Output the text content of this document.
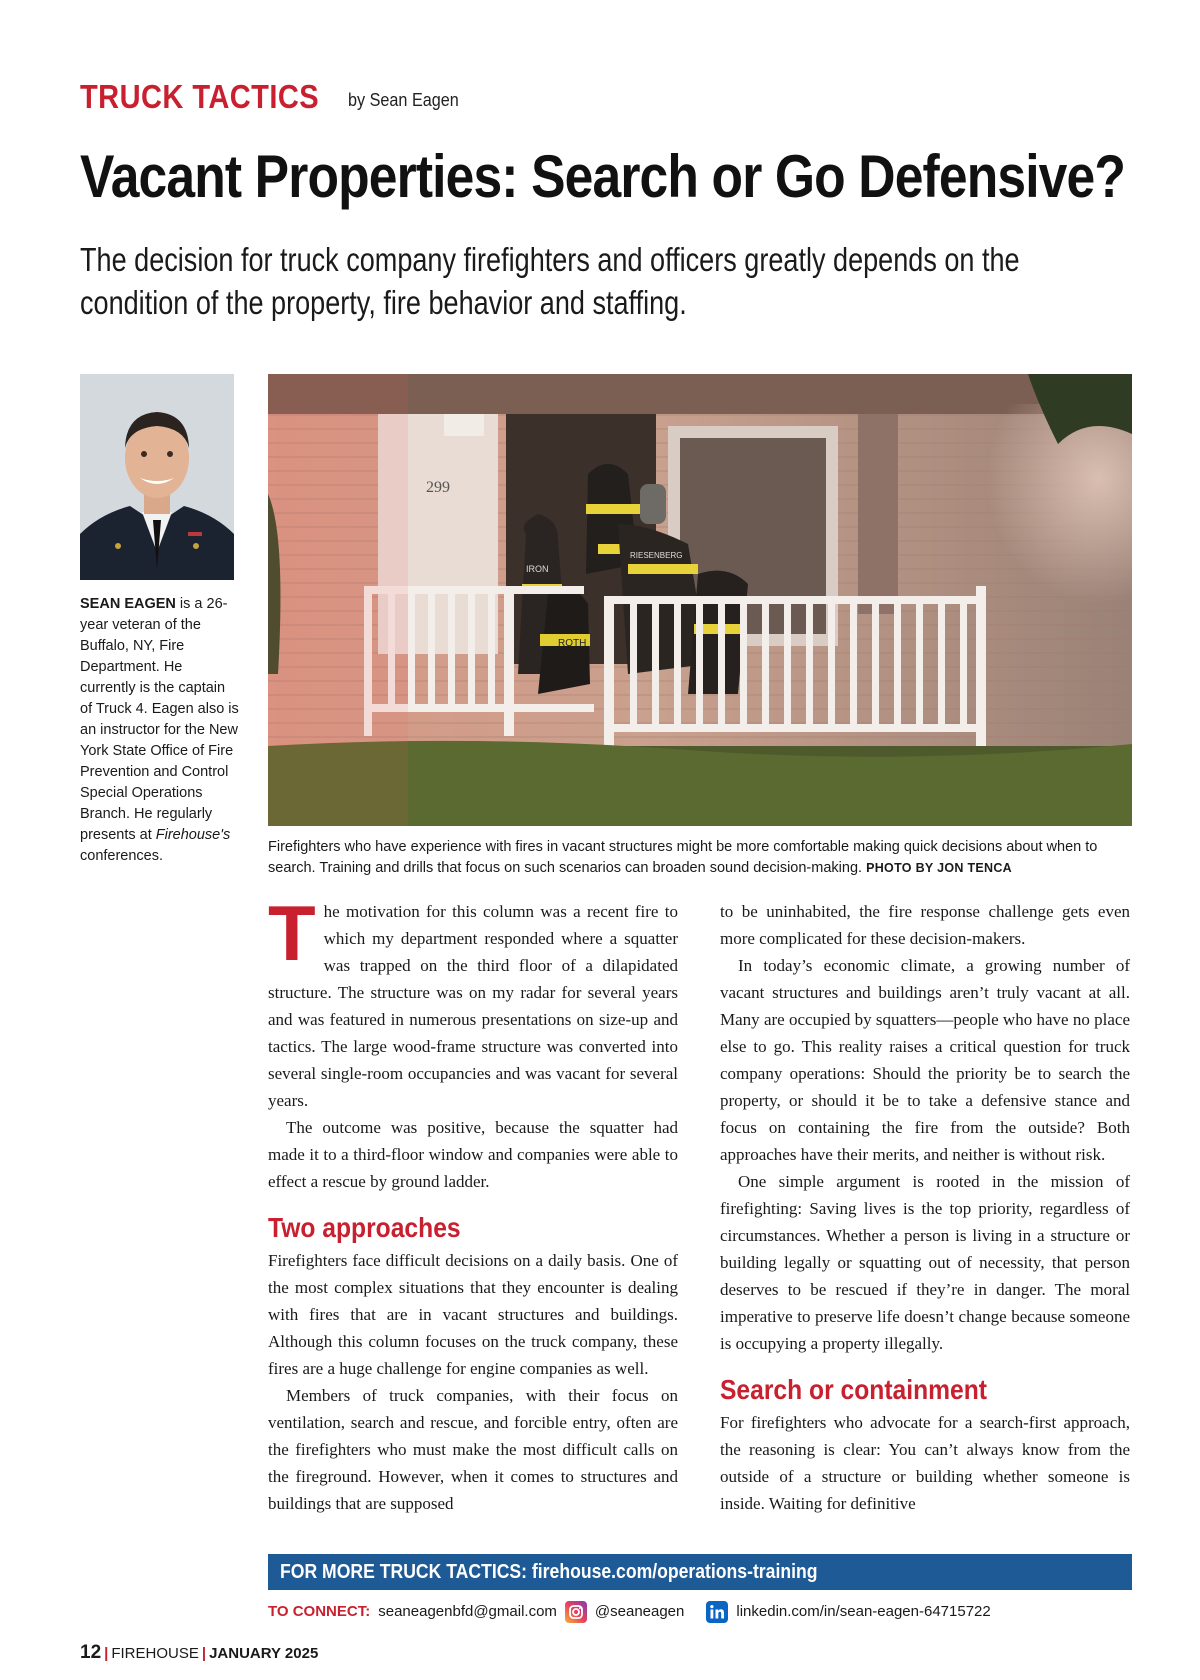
TRUCK TACTICS by Sean Eagen
Vacant Properties: Search or Go Defensive?
The decision for truck company firefighters and officers greatly depends on the condition of the property, fire behavior and staffing.
SEAN EAGEN is a 26-year veteran of the Buffalo, NY, Fire Department. He currently is the captain of Truck 4. Eagen also is an instructor for the New York State Office of Fire Prevention and Control Special Operations Branch. He regularly presents at Firehouse's conferences.
299
ROTH
IRON
RIESENBERG
Firefighters who have experience with fires in vacant structures might be more comfortable making quick decisions about when to search. Training and drills that focus on such scenarios can broaden sound decision-making. PHOTO BY JON TENCA

The motivation for this column was a recent fire to which my department responded where a squatter was trapped on the third floor of a dilapidated structure. The structure was on my radar for several years and was featured in numerous presentations on size-up and tactics. The large wood-frame structure was converted into several single-room occupancies and was vacant for several years.

The outcome was positive, because the squatter had made it to a third-floor window and companies were able to effect a rescue by ground ladder.

Two approaches

Firefighters face difficult decisions on a daily basis. One of the most complex situations that they encounter is dealing with fires that are in vacant structures and buildings. Although this column focuses on the truck company, these fires are a huge challenge for engine companies as well.

Members of truck companies, with their focus on ventilation, search and rescue, and forcible entry, often are the firefighters who must make the most difficult calls on the fireground. However, when it comes to structures and buildings that are supposed

to be uninhabited, the fire response challenge gets even more complicated for these decision-makers.

In today’s economic climate, a growing number of vacant structures and buildings aren’t truly vacant at all. Many are occupied by squatters—people who have no place else to go. This reality raises a critical question for truck company operations: Should the priority be to search the property, or should it be to take a defensive stance and focus on containing the fire from the outside? Both approaches have their merits, and neither is without risk.

One simple argument is rooted in the mission of firefighting: Saving lives is the top priority, regardless of circumstances. Whether a person is living in a structure or building legally or squatting out of necessity, that person deserves to be rescued if they’re in danger. The moral imperative to preserve life doesn’t change because someone is occupying a property illegally.

Search or containment

For firefighters who advocate for a search-first approach, the reasoning is clear: You can’t always know from the outside of a structure or building whether someone is inside. Waiting for definitive

FOR MORE TRUCK TACTICS: firehouse.com/operations-training
TO CONNECT: seaneagenbfd@gmail.com	@seaneagen	linkedin.com/in/sean-eagen-64715722
12 | FIREHOUSE | JANUARY 2025
